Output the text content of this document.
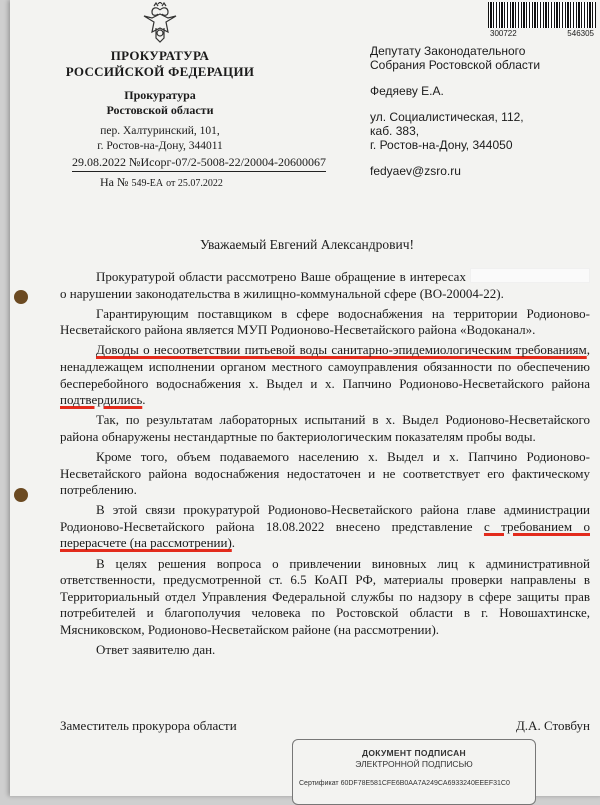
300722	546305
ПРОКУРАТУРА
РОССИЙСКОЙ ФЕДЕРАЦИИ
Прокуратура
Ростовской области
пер. Халтуринский, 101,
г. Ростов-на-Дону, 344011
29.08.2022 №Исорг-07/2-5008-22/20004-20600067
На № 549-ЕА от 25.07.2022
Депутату Законодательного
Собрания Ростовской области
Федяеву Е.А.
ул. Социалистическая, 112,
каб. 383,
г. Ростов-на-Дону, 344050
fedyaev@zsro.ru
Уважаемый Евгений Александрович!

Прокуратурой области рассмотрено Ваше обращение в интересах  о нарушении законодательства в жилищно-коммунальной сфере (ВО-20004-22).

Гарантирующим поставщиком в сфере водоснабжения на территории Родионово-Несветайского района является МУП Родионово-Несветайского района «Водоканал».

Доводы о несоответствии питьевой воды санитарно-эпидемиологическим требованиям, ненадлежащем исполнении органом местного самоуправления обязанности по обеспечению бесперебойного водоснабжения х. Выдел и х. Папчино Родионово-Несветайского района подтвердились.

Так, по результатам лабораторных испытаний в х. Выдел Родионово-Несветайского района обнаружены нестандартные по бактериологическим показателям пробы воды.

Кроме того, объем подаваемого населению х. Выдел и х. Папчино Родионово-Несветайского района водоснабжения недостаточен и не соответствует его фактическому потреблению.

В этой связи прокуратурой Родионово-Несветайского района главе администрации Родионово-Несветайского района 18.08.2022 внесено представление с требованием о перерасчете (на рассмотрении).

В целях решения вопроса о привлечении виновных лиц к административной ответственности, предусмотренной ст. 6.5 КоАП РФ, материалы проверки направлены в Территориальный отдел Управления Федеральной службы по надзору в сфере защиты прав потребителей и благополучия человека по Ростовской области в г. Новошахтинске, Мясниковском, Родионово-Несветайском районе (на рассмотрении).

Ответ заявителю дан.

Заместитель прокурора области	Д.А. Стовбун
ДОКУМЕНТ ПОДПИСАН
ЭЛЕКТРОННОЙ ПОДПИСЬЮ
Сертификат 60DF78E581CFE6B0AA7A249CA6933240EEEF31C0
